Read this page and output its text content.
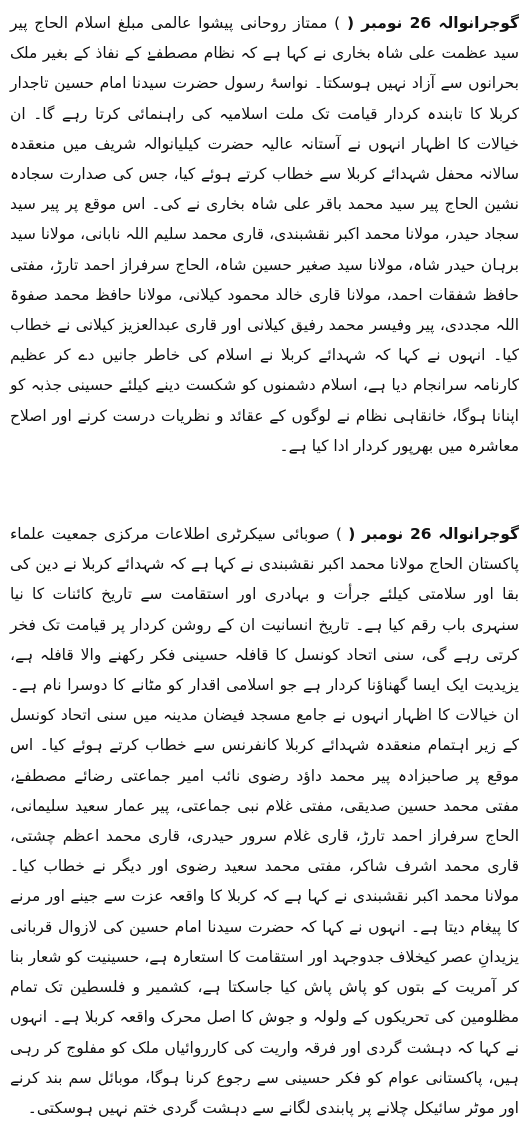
گوجرانوالہ 26 نومبر ( ) ممتاز روحانی پیشوا عالمی مبلغ اسلام الحاج پیر سید عظمت علی شاہ بخاری نے کہا ہے کہ نظام مصطفےٰ کے نفاذ کے بغیر ملک بحرانوں سے آزاد نہیں ہوسکتا۔ نواسۂ رسول حضرت سیدنا امام حسین تاجدار کربلا کا تابندہ کردار قیامت تک ملت اسلامیہ کی راہنمائی کرتا رہے گا۔ ان خیالات کا اظہار انہوں نے آستانہ عالیہ حضرت کیلیانوالہ شریف میں منعقدہ سالانہ محفل شہدائے کربلا سے خطاب کرتے ہوئے کیا، جس کی صدارت سجادہ نشین الحاج پیر سید محمد باقر علی شاہ بخاری نے کی۔ اس موقع پر پیر سید سجاد حیدر، مولانا محمد اکبر نقشبندی، قاری محمد سلیم اللہ نابانی، مولانا سید برہان حیدر شاہ، مولانا سید صغیر حسین شاہ، الحاج سرفراز احمد تارڑ، مفتی حافظ شفقات احمد، مولانا قاری خالد محمود کیلانی، مولانا حافظ محمد صفوۃ اللہ مجددی، پیر وفیسر محمد رفیق کیلانی اور قاری عبدالعزیز کیلانی نے خطاب کیا۔ انہوں نے کہا کہ شہدائے کربلا نے اسلام کی خاطر جانیں دے کر عظیم کارنامہ سرانجام دیا ہے، اسلام دشمنوں کو شکست دینے کیلئے حسینی جذبہ کو اپنانا ہوگا، خانقاہی نظام نے لوگوں کے عقائد و نظریات درست کرنے اور اصلاح معاشرہ میں بھرپور کردار ادا کیا ہے۔

گوجرانوالہ 26 نومبر ( ) صوبائی سیکرٹری اطلاعات مرکزی جمعیت علماء پاکستان الحاج مولانا محمد اکبر نقشبندی نے کہا ہے کہ شہدائے کربلا نے دین کی بقا اور سلامتی کیلئے جرأت و بہادری اور استقامت سے تاریخ کائنات کا نیا سنہری باب رقم کیا ہے۔ تاریخ انسانیت ان کے روشن کردار پر قیامت تک فخر کرتی رہے گی، سنی اتحاد کونسل کا قافلہ حسینی فکر رکھنے والا قافلہ ہے، یزیدیت ایک ایسا گھناؤنا کردار ہے جو اسلامی اقدار کو مٹانے کا دوسرا نام ہے۔ ان خیالات کا اظہار انہوں نے جامع مسجد فیضان مدینہ میں سنی اتحاد کونسل کے زیر اہتمام منعقدہ شہدائے کربلا کانفرنس سے خطاب کرتے ہوئے کیا۔ اس موقع پر صاحبزادہ پیر محمد داؤد رضوی نائب امیر جماعتی رضائے مصطفےٰ، مفتی محمد حسین صدیقی، مفتی غلام نبی جماعتی، پیر عمار سعید سلیمانی، الحاج سرفراز احمد تارڑ، قاری غلام سرور حیدری، قاری محمد اعظم چشتی، قاری محمد اشرف شاکر، مفتی محمد سعید رضوی اور دیگر نے خطاب کیا۔ مولانا محمد اکبر نقشبندی نے کہا ہے کہ کربلا کا واقعہ عزت سے جینے اور مرنے کا پیغام دیتا ہے۔ انہوں نے کہا کہ حضرت سیدنا امام حسین کی لازوال قربانی یزیدانِ عصر کیخلاف جدوجہد اور استقامت کا استعارہ ہے، حسینیت کو شعار بنا کر آمریت کے بتوں کو پاش پاش کیا جاسکتا ہے، کشمیر و فلسطین تک تمام مظلومین کی تحریکوں کے ولولہ و جوش کا اصل محرک واقعہ کربلا ہے۔ انہوں نے کہا کہ دہشت گردی اور فرقہ واریت کی کارروائیاں ملک کو مفلوج کر رہی ہیں، پاکستانی عوام کو فکر حسینی سے رجوع کرنا ہوگا، موبائل سم بند کرنے اور موٹر سائیکل چلانے پر پابندی لگانے سے دہشت گردی ختم نہیں ہوسکتی۔
